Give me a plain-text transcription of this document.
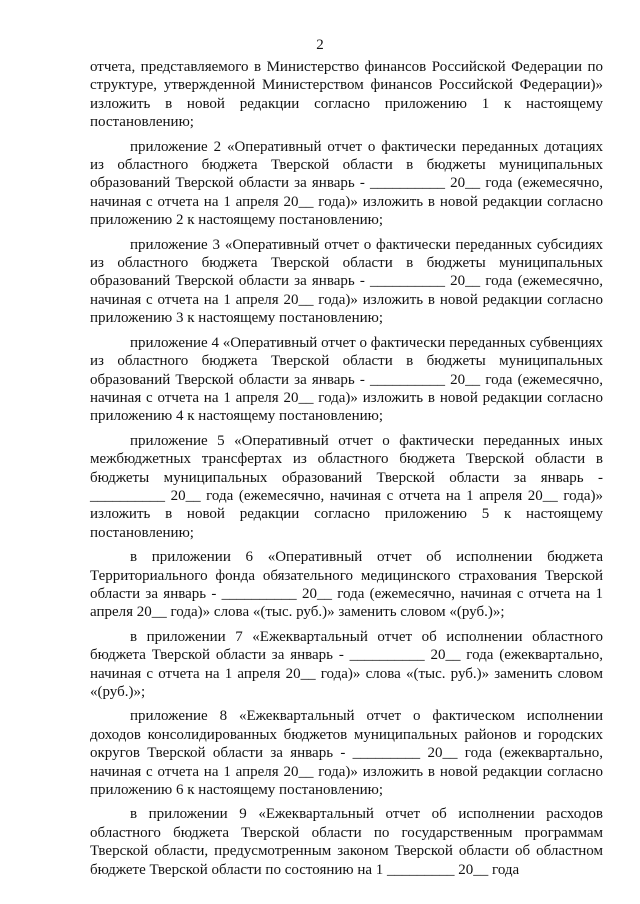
2

отчета, представляемого в Министерство финансов Российской Федерации по структуре, утвержденной Министерством финансов Российской Федерации)» изложить в новой редакции согласно приложению 1 к настоящему постановлению;

приложение 2 «Оперативный отчет о фактически переданных дотациях из областного бюджета Тверской области в бюджеты муниципальных образований Тверской области за январь - __________ 20__ года (ежемесячно, начиная с отчета на 1 апреля 20__ года)» изложить в новой редакции согласно приложению 2 к настоящему постановлению;

приложение 3 «Оперативный отчет о фактически переданных субсидиях из областного бюджета Тверской области в бюджеты муниципальных образований Тверской области за январь - __________ 20__ года (ежемесячно, начиная с отчета на 1 апреля 20__ года)» изложить в новой редакции согласно приложению 3 к настоящему постановлению;

приложение 4 «Оперативный отчет о фактически переданных субвенциях из областного бюджета Тверской области в бюджеты муниципальных образований Тверской области за январь - __________ 20__ года (ежемесячно, начиная с отчета на 1 апреля 20__ года)» изложить в новой редакции согласно приложению 4 к настоящему постановлению;

приложение 5 «Оперативный отчет о фактически переданных иных межбюджетных трансфертах из областного бюджета Тверской области в бюджеты муниципальных образований Тверской области за январь - __________ 20__ года (ежемесячно, начиная с отчета на 1 апреля 20__ года)» изложить в новой редакции согласно приложению 5 к настоящему постановлению;

в приложении 6 «Оперативный отчет об исполнении бюджета Территориального фонда обязательного медицинского страхования Тверской области за январь - __________ 20__ года (ежемесячно, начиная с отчета на 1 апреля 20__ года)» слова «(тыс. руб.)» заменить словом «(руб.)»;

в приложении 7 «Ежеквартальный отчет об исполнении областного бюджета Тверской области за январь - __________ 20__ года (ежеквартально, начиная с отчета на 1 апреля 20__ года)» слова «(тыс. руб.)» заменить словом «(руб.)»;

приложение 8 «Ежеквартальный отчет о фактическом исполнении доходов консолидированных бюджетов муниципальных районов и городских округов Тверской области за январь - _________ 20__ года (ежеквартально, начиная с отчета на 1 апреля 20__ года)» изложить в новой редакции согласно приложению 6 к настоящему постановлению;

в приложении 9 «Ежеквартальный отчет об исполнении расходов областного бюджета Тверской области по государственным программам Тверской области, предусмотренным законом Тверской области об областном бюджете Тверской области по состоянию на 1 _________ 20__ года
